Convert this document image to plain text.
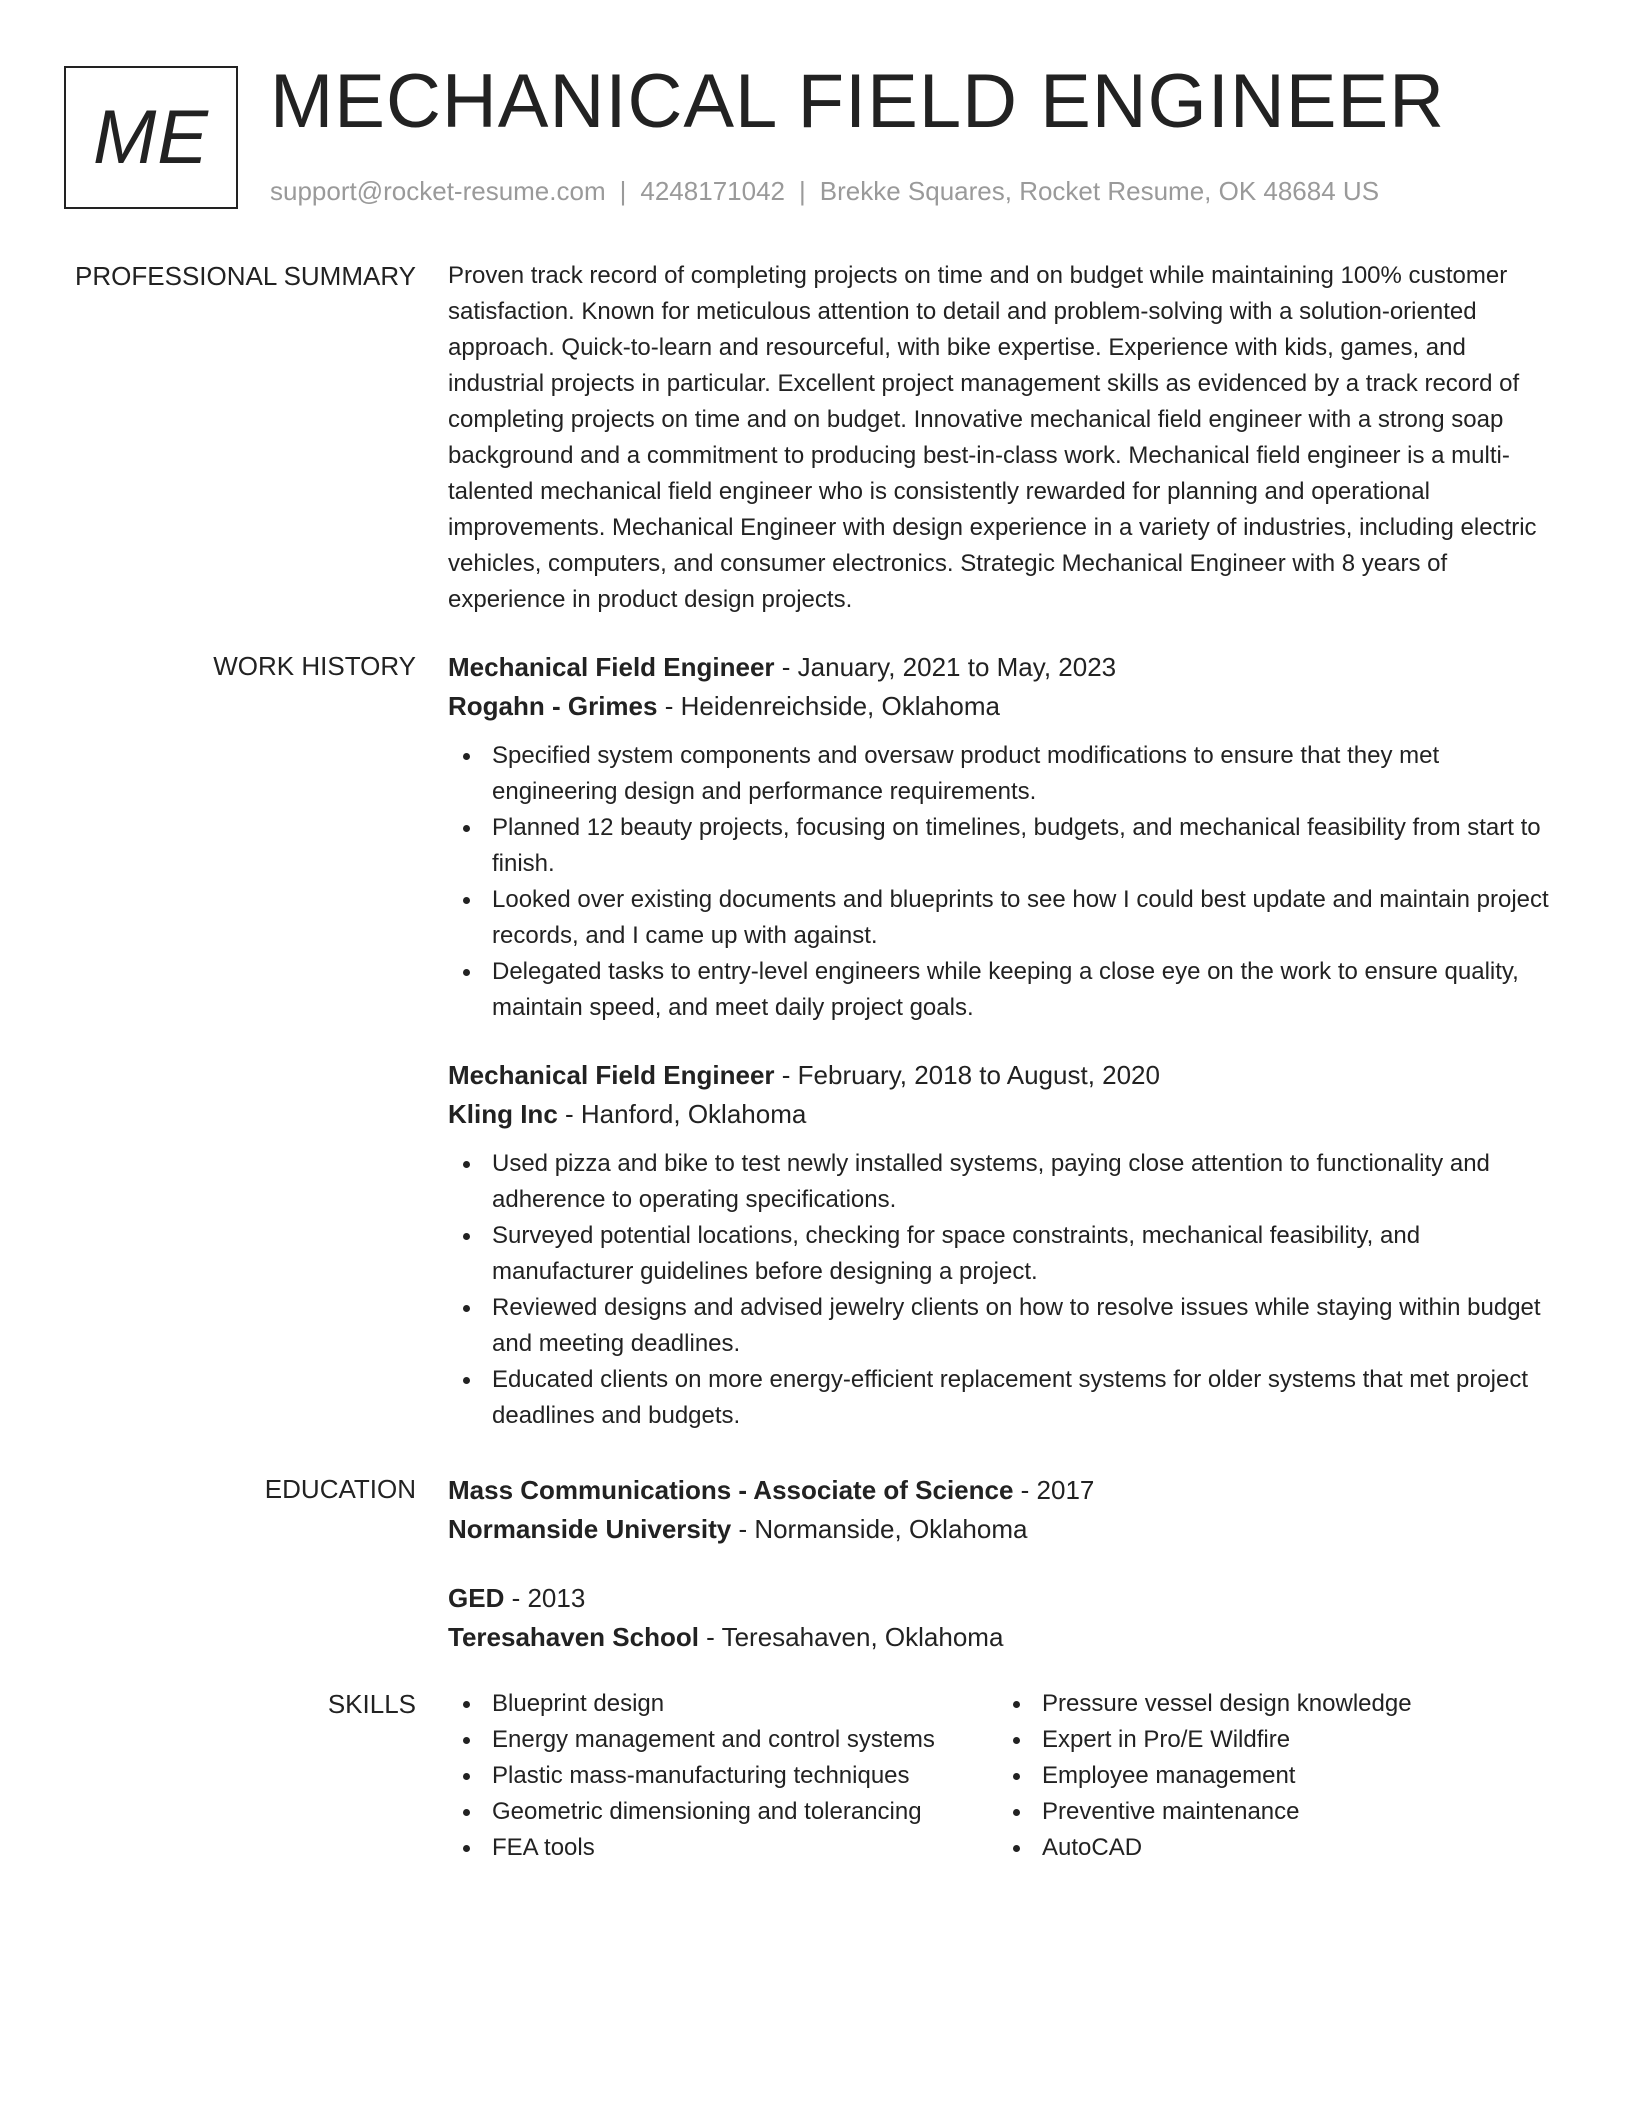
ME MECHANICAL FIELD ENGINEER
support@rocket-resume.com | 4248171042 | Brekke Squares, Rocket Resume, OK 48684 US
PROFESSIONAL SUMMARY Proven track record of completing projects on time and on budget while maintaining 100% customer satisfaction. Known for meticulous attention to detail and problem-solving with a solution-oriented approach. Quick-to-learn and resourceful, with bike expertise. Experience with kids, games, and industrial projects in particular. Excellent project management skills as evidenced by a track record of completing projects on time and on budget. Innovative mechanical field engineer with a strong soap background and a commitment to producing best-in-class work. Mechanical field engineer is a multi-talented mechanical field engineer who is consistently rewarded for planning and operational improvements. Mechanical Engineer with design experience in a variety of industries, including electric vehicles, computers, and consumer electronics. Strategic Mechanical Engineer with 8 years of experience in product design projects.

WORK HISTORY Mechanical Field Engineer - January, 2021 to May, 2023
Rogahn - Grimes - Heidenreichside, Oklahoma
Specified system components and oversaw product modifications to ensure that they met engineering design and performance requirements.
Planned 12 beauty projects, focusing on timelines, budgets, and mechanical feasibility from start to finish.
Looked over existing documents and blueprints to see how I could best update and maintain project records, and I came up with against.
Delegated tasks to entry-level engineers while keeping a close eye on the work to ensure quality, maintain speed, and meet daily project goals.
Mechanical Field Engineer - February, 2018 to August, 2020
Kling Inc - Hanford, Oklahoma
Used pizza and bike to test newly installed systems, paying close attention to functionality and adherence to operating specifications.
Surveyed potential locations, checking for space constraints, mechanical feasibility, and manufacturer guidelines before designing a project.
Reviewed designs and advised jewelry clients on how to resolve issues while staying within budget and meeting deadlines.
Educated clients on more energy-efficient replacement systems for older systems that met project deadlines and budgets.
EDUCATION Mass Communications - Associate of Science - 2017
Normanside University - Normanside, Oklahoma
GED - 2013
Teresahaven School - Teresahaven, Oklahoma
SKILLS	Blueprint design
Energy management and control systems
Plastic mass-manufacturing techniques
Geometric dimensioning and tolerancing
FEA tools
Pressure vessel design knowledge
Expert in Pro/E Wildfire
Employee management
Preventive maintenance
AutoCAD
